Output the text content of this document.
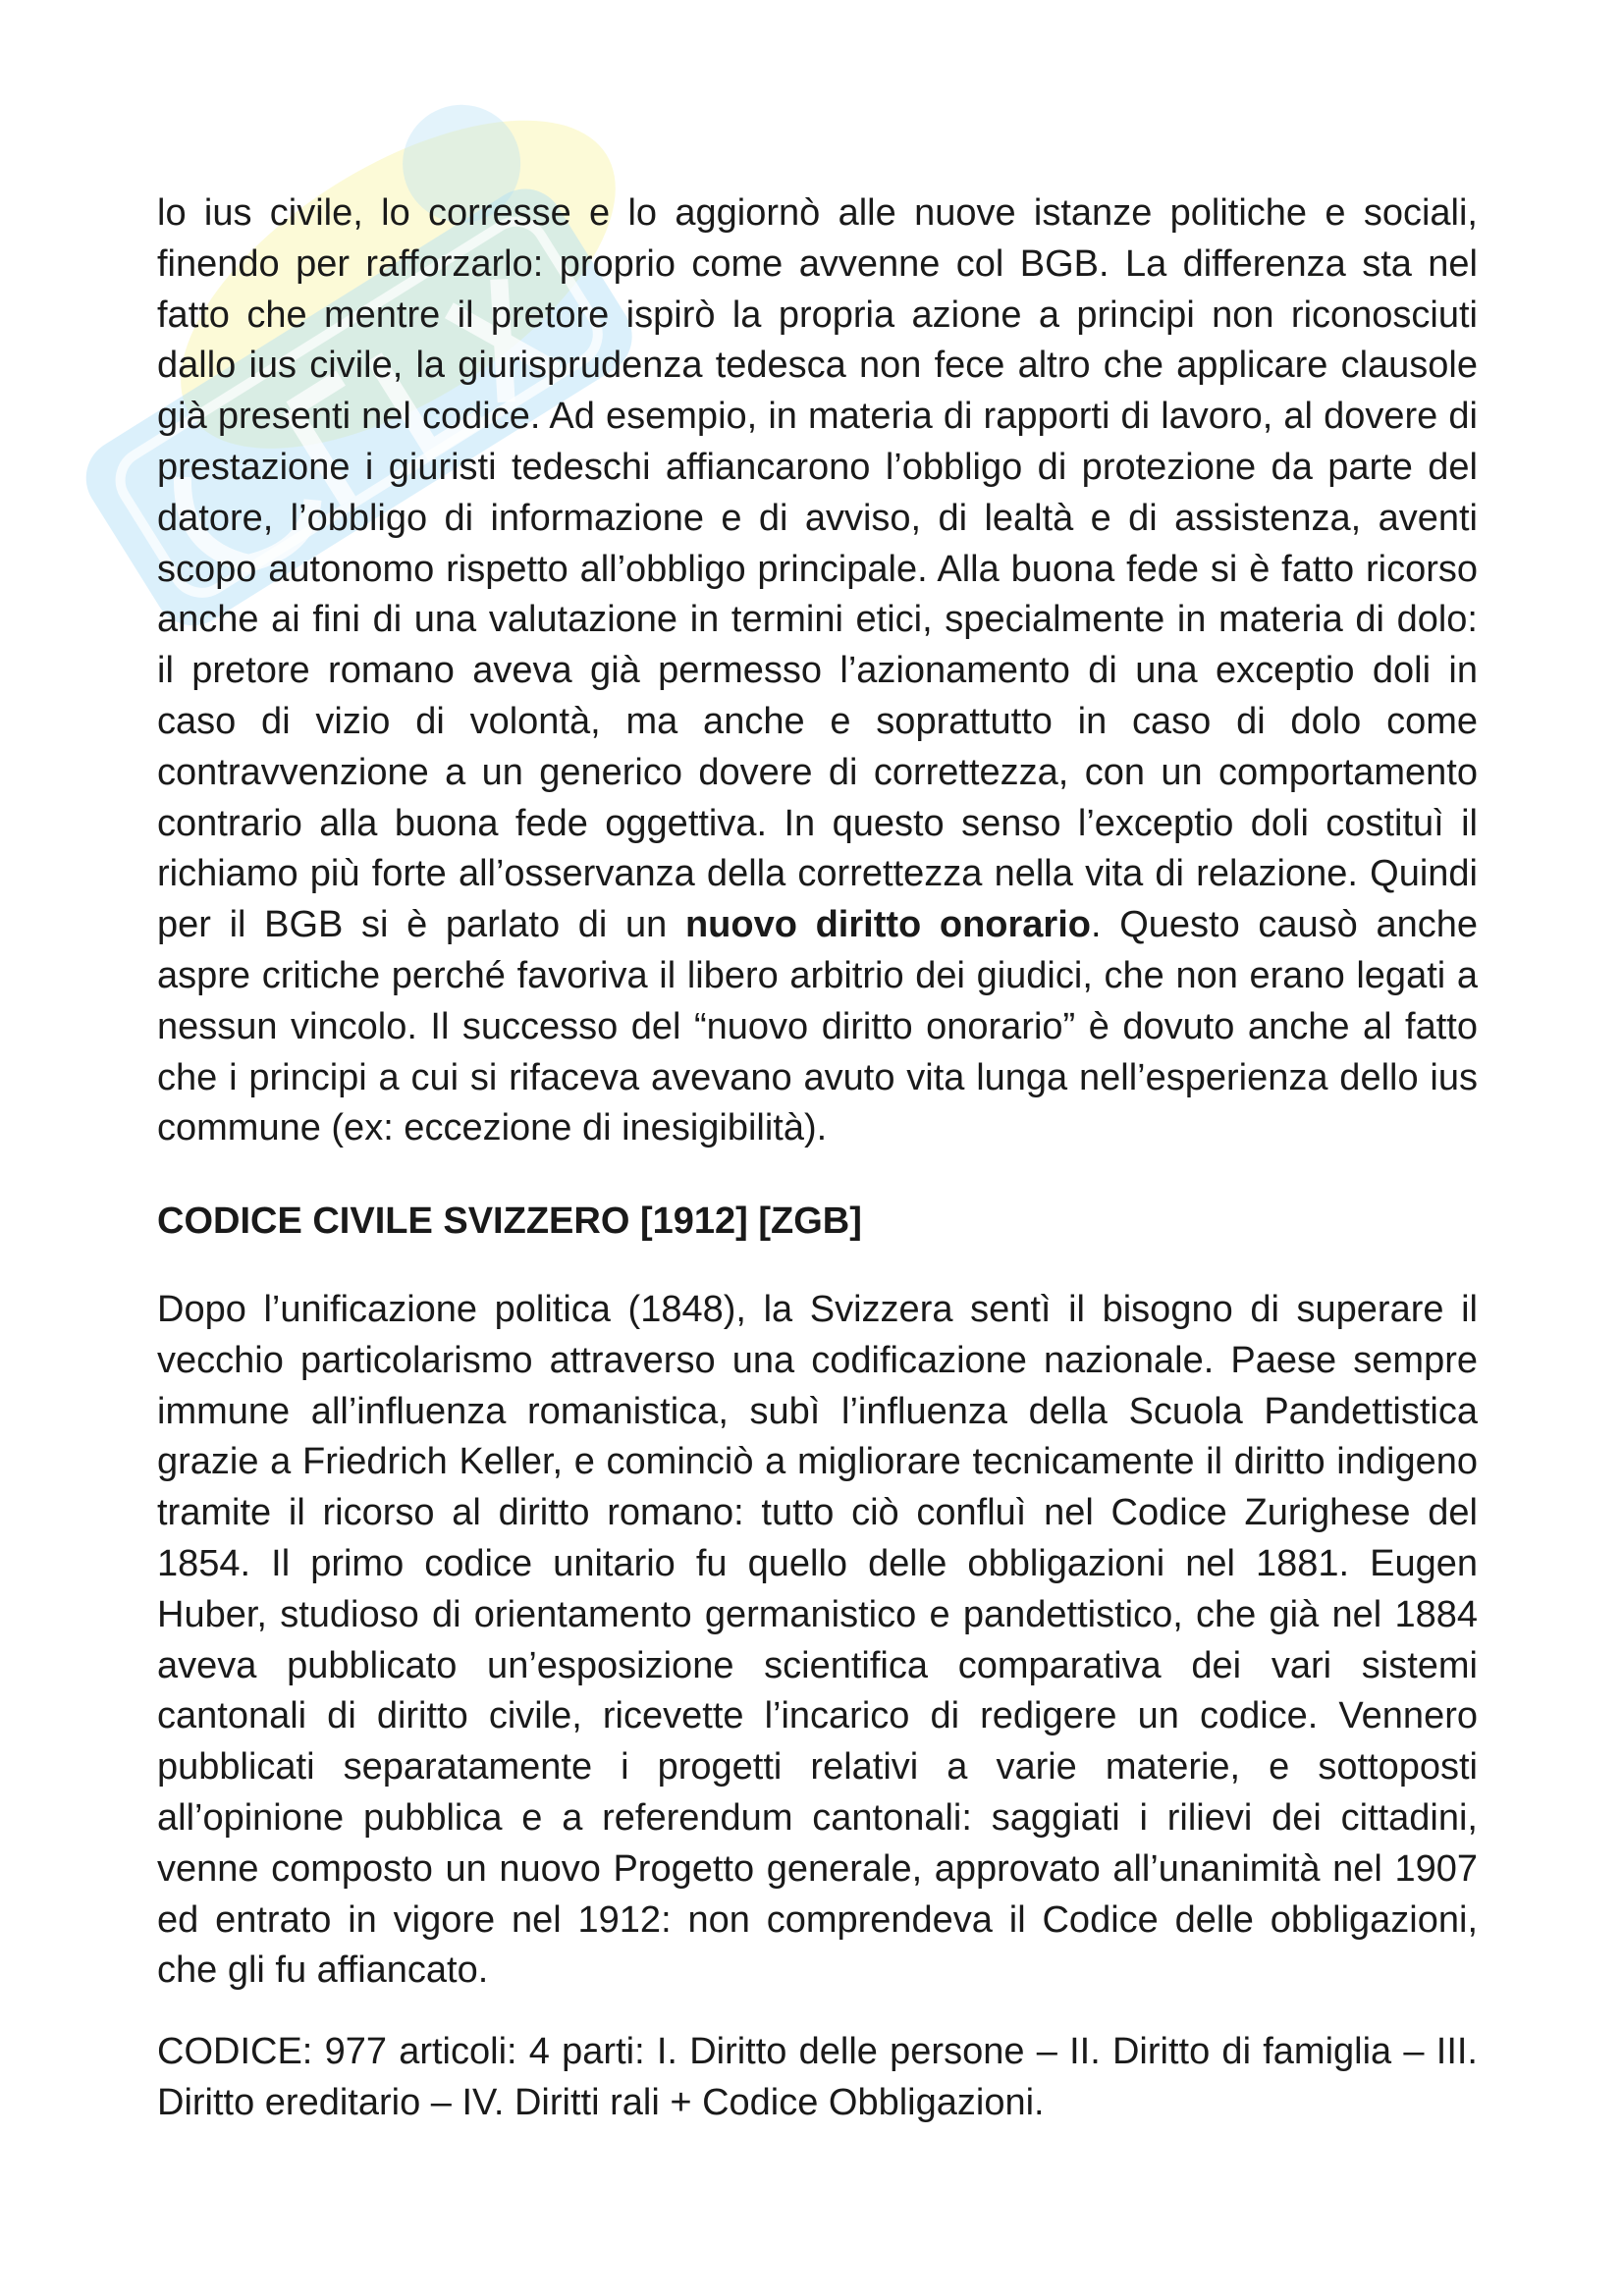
lo ius civile, lo corresse e lo aggiornò alle nuove istanze politiche e sociali, finendo per rafforzarlo: proprio come avvenne col BGB. La differenza sta nel fatto che mentre il pretore ispirò la propria azione a principi non riconosciuti dallo ius civile, la giurisprudenza tedesca non fece altro che applicare clausole già presenti nel codice. Ad esempio, in materia di rapporti di lavoro, al dovere di prestazione i giuristi tedeschi affiancarono l’obbligo di protezione da parte del datore, l’obbligo di informazione e di avviso, di lealtà e di assistenza, aventi scopo autonomo rispetto all’obbligo principale. Alla buona fede si è fatto ricorso anche ai fini di una valutazione in termini etici, specialmente in materia di dolo: il pretore romano aveva già permesso l’azionamento di una exceptio doli in caso di vizio di volontà, ma anche e soprattutto in caso di dolo come contravvenzione a un generico dovere di correttezza, con un comportamento contrario alla buona fede oggettiva. In questo senso l’exceptio doli costituì il richiamo più forte all’osservanza della correttezza nella vita di relazione. Quindi per il BGB si è parlato di un nuovo diritto onorario. Questo causò anche aspre critiche perché favoriva il libero arbitrio dei giudici, che non erano legati a nessun vincolo. Il successo del “nuovo diritto onorario” è dovuto anche al fatto che i principi a cui si rifaceva avevano avuto vita lunga nell’esperienza dello ius commune (ex: eccezione di inesigibilità).

CODICE CIVILE SVIZZERO [1912] [ZGB]

Dopo l’unificazione politica (1848), la Svizzera sentì il bisogno di superare il vecchio particolarismo attraverso una codificazione nazionale. Paese sempre immune all’influenza romanistica, subì l’influenza della Scuola Pandettistica grazie a Friedrich Keller, e cominciò a migliorare tecnicamente il diritto indigeno tramite il ricorso al diritto romano: tutto ciò confluì nel Codice Zurighese del 1854. Il primo codice unitario fu quello delle obbligazioni nel 1881. Eugen Huber, studioso di orientamento germanistico e pandettistico, che già nel 1884 aveva pubblicato un’esposizione scientifica comparativa dei vari sistemi cantonali di diritto civile, ricevette l’incarico di redigere un codice. Vennero pubblicati separatamente i progetti relativi a varie materie, e sottoposti all’opinione pubblica e a referendum cantonali: saggiati i rilievi dei cittadini, venne composto un nuovo Progetto generale, approvato all’unanimità nel 1907 ed entrato in vigore nel 1912: non comprendeva il Codice delle obbligazioni, che gli fu affiancato.

CODICE: 977 articoli: 4 parti: I. Diritto delle persone – II. Diritto di famiglia – III. Diritto ereditario – IV. Diritti rali + Codice Obbligazioni.
